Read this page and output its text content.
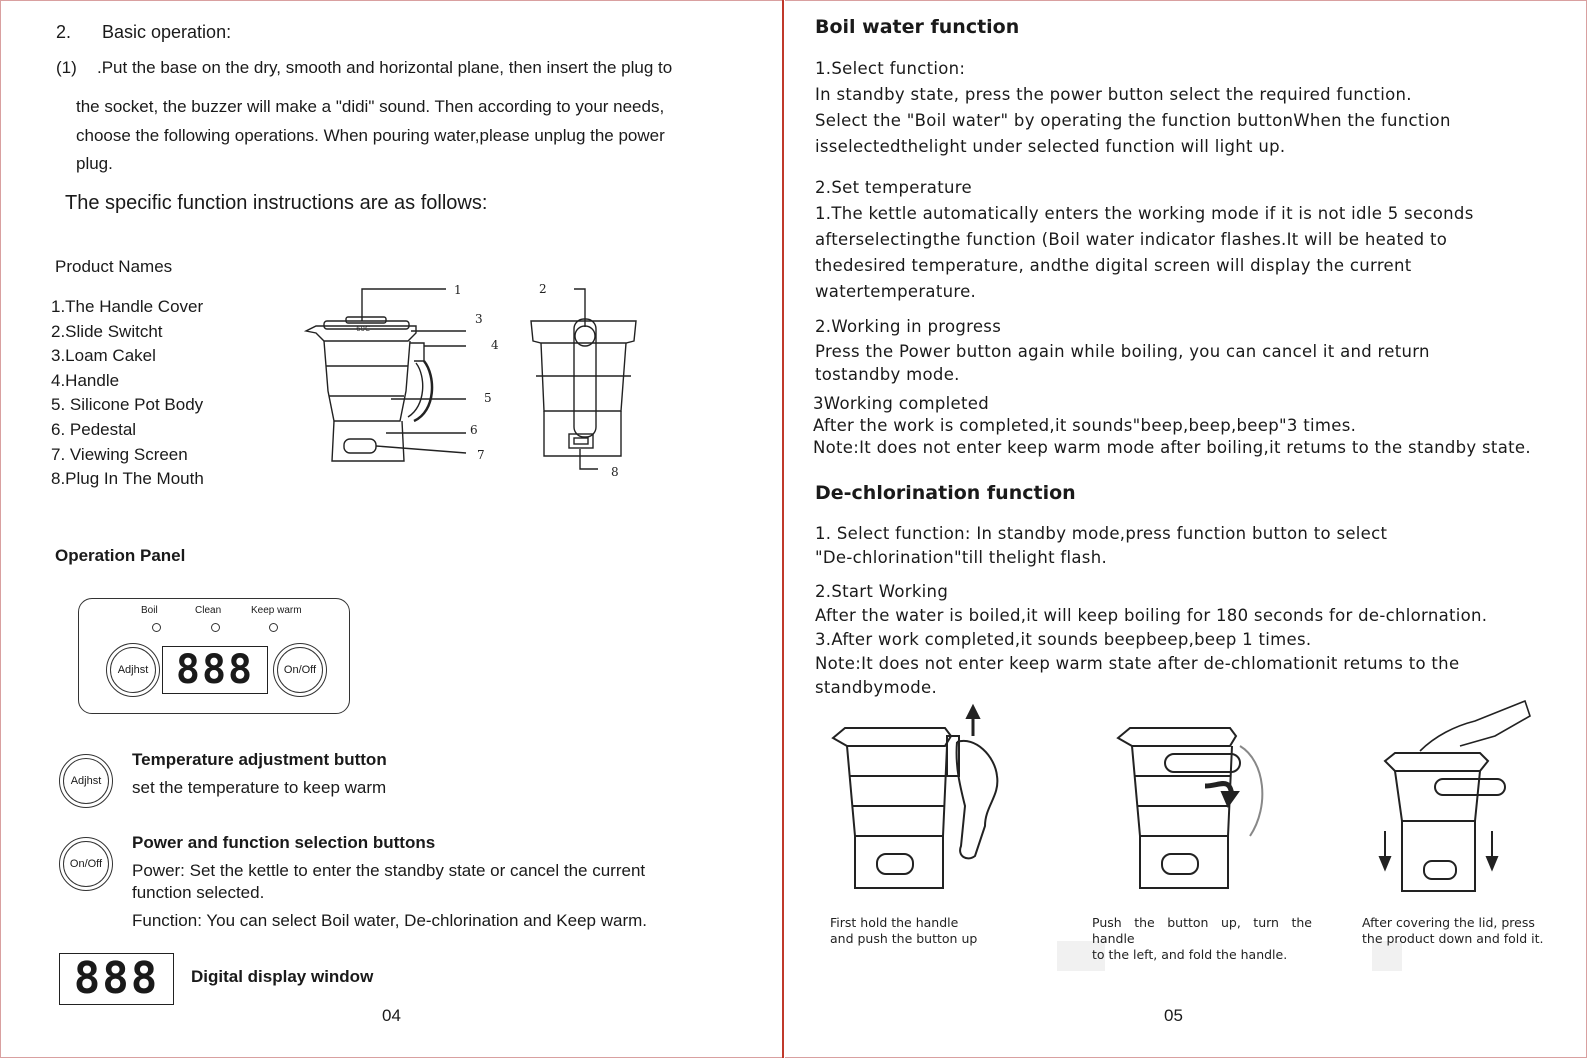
2. Basic operation:
(1) .Put the base on the dry, smooth and horizontal plane, then insert the plug to
the socket, the buzzer will make a "didi" sound. Then according to your needs,
choose the following operations. When pouring water,please unplug the power
plug.
The specific function instructions are as follows:
Product Names
1.The Handle Cover
2.Slide Switcht
3.Loam Cakel
4.Handle
5. Silicone Pot Body
6. Pedestal
7. Viewing Screen
8.Plug In The Mouth
60C
1	2
3
4
5
6
7
8
Operation Panel
Boil	Clean	Keep warm
Adjhst 888	On/Off
Adjhst
Temperature adjustment button
set the temperature to keep warm
On/Off
Power and function selection buttons
Power: Set the kettle to enter the standby state or cancel the current
function selected.
Function: You can select Boil water, De-chlorination and Keep warm.
888	Digital display window
04
Boil water function
1.Select function:
In standby state, press the power button select the required function.
Select the "Boil water" by operating the function buttonWhen the function
isselectedthelight under selected function will light up.
2.Set temperature
1.The kettle automatically enters the working mode if it is not idle 5 seconds
afterselectingthe function (Boil water indicator flashes.It will be heated to
thedesired temperature, andthe digital screen will display the current
watertemperature.
2.Working in progress
Press the Power button again while boiling, you can cancel it and return
tostandby mode.
3Working completed
After the work is completed,it sounds"beep,beep,beep"3 times.
Note:It does not enter keep warm mode after boiling,it retums to the standby state.
De-chlorination function
1. Select function: In standby mode,press function button to select
"De-chlorination"till thelight flash.
2.Start Working
After the water is boiled,it will keep boiling for 180 seconds for de-chlornation.
3.After work completed,it sounds beepbeep,beep 1 times.
Note:It does not enter keep warm state after de-chlomationit retums to the
standbymode.
First hold the handle
and push the button up
Push the button up, turn the handle
to the left, and fold the handle.
After covering the lid, press
the product down and fold it.
05
